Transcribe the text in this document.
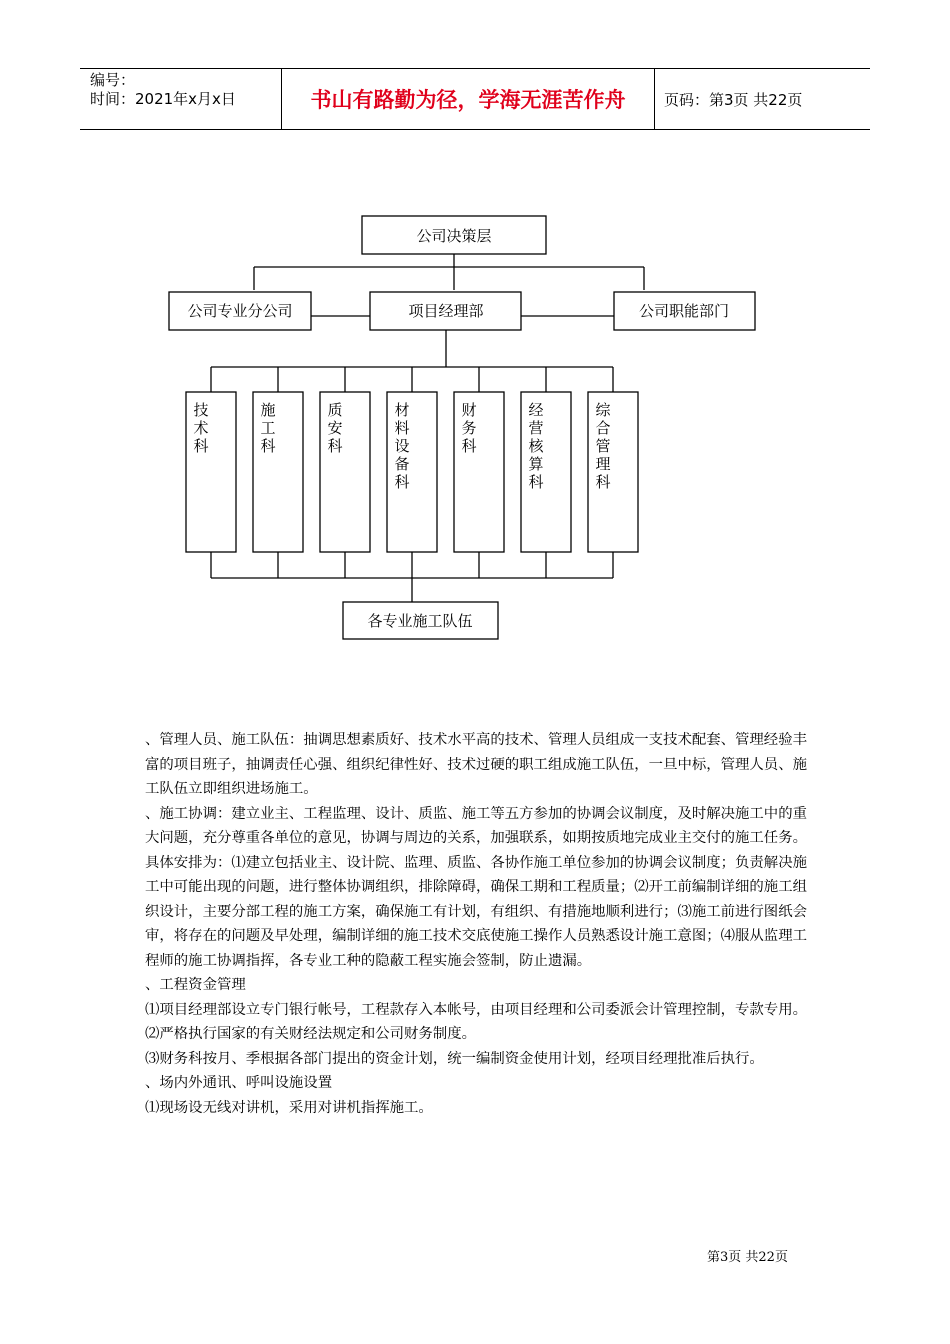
编号：
时间：2021年x月x日	书山有路勤为径，学海无涯苦作舟	页码：第3页 共22页
公司决策层
公司专业分公司	项目经理部	公司职能部门
各专业施工队伍
技术科
施工科
质安科
材料设备科
财务科
经营核算科
综合管理科

、管理人员、施工队伍：抽调思想素质好、技术水平高的技术、管理人员组成一支技术配套、管理经验丰富的项目班子，抽调责任心强、组织纪律性好、技术过硬的职工组成施工队伍，一旦中标，管理人员、施工队伍立即组织进场施工。

、施工协调：建立业主、工程监理、设计、质监、施工等五方参加的协调会议制度，及时解决施工中的重大问题，充分尊重各单位的意见，协调与周边的关系，加强联系，如期按质地完成业主交付的施工任务。

具体安排为：⑴建立包括业主、设计院、监理、质监、各协作施工单位参加的协调会议制度；负责解决施工中可能出现的问题，进行整体协调组织，排除障碍，确保工期和工程质量；⑵开工前编制详细的施工组织设计，主要分部工程的施工方案，确保施工有计划，有组织、有措施地顺利进行；⑶施工前进行图纸会审，将存在的问题及早处理，编制详细的施工技术交底使施工操作人员熟悉设计施工意图；⑷服从监理工程师的施工协调指挥，各专业工种的隐蔽工程实施会签制，防止遗漏。

、工程资金管理

⑴项目经理部设立专门银行帐号，工程款存入本帐号，由项目经理和公司委派会计管理控制，专款专用。

⑵严格执行国家的有关财经法规定和公司财务制度。

⑶财务科按月、季根据各部门提出的资金计划，统一编制资金使用计划，经项目经理批准后执行。

、场内外通讯、呼叫设施设置

⑴现场设无线对讲机，采用对讲机指挥施工。

第3页 共22页
